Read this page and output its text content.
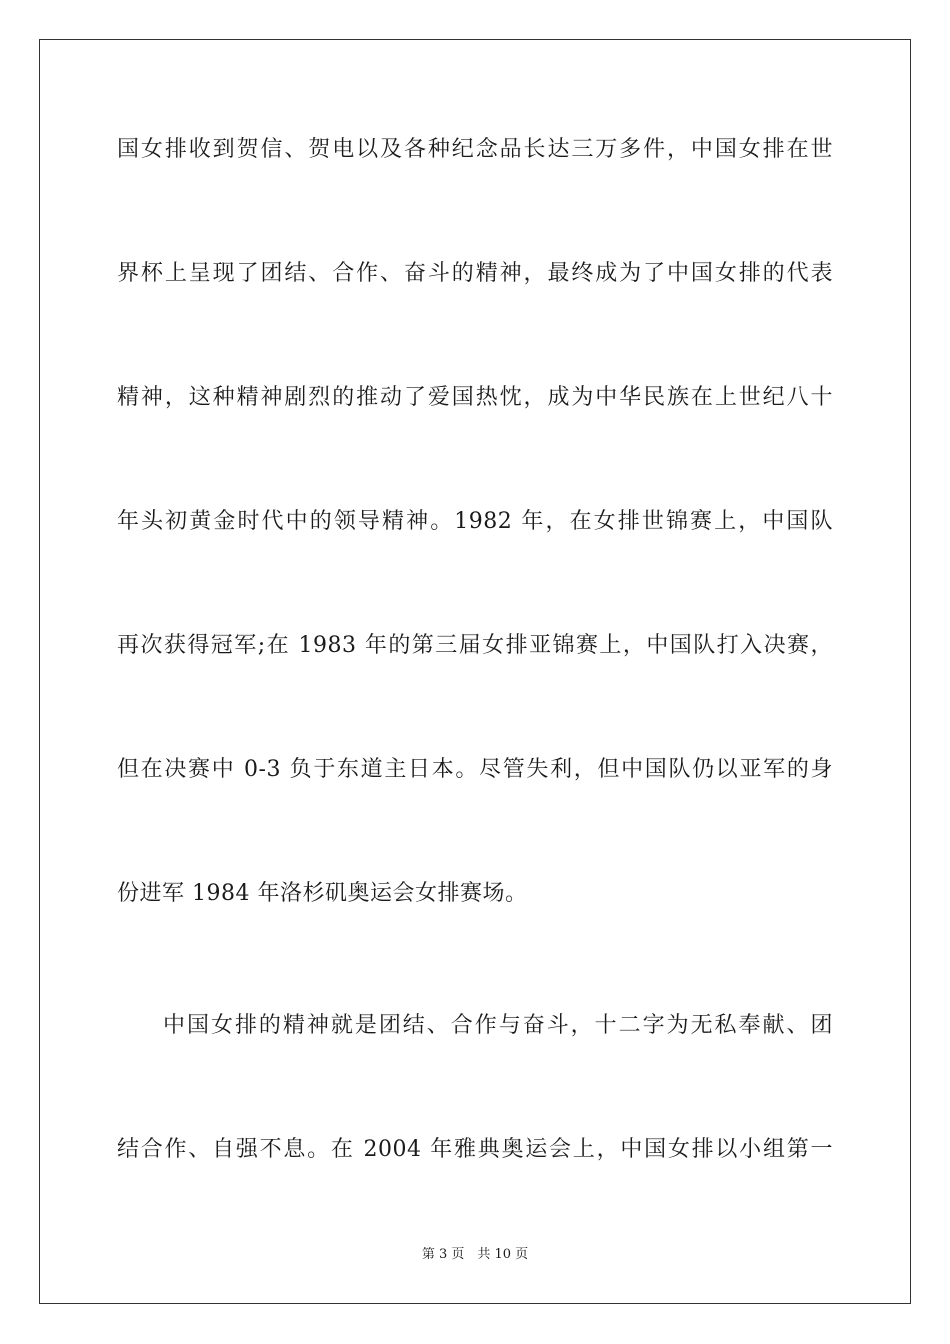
国女排收到贺信、贺电以及各种纪念品长达三万多件，中国女排在世
界杯上呈现了团结、合作、奋斗的精神，最终成为了中国女排的代表
精神，这种精神剧烈的推动了爱国热忱，成为中华民族在上世纪八十
年头初黄金时代中的领导精神。1982 年，在女排世锦赛上，中国队
再次获得冠军;在 1983 年的第三届女排亚锦赛上，中国队打入决赛，
但在决赛中 0-3 负于东道主日本。尽管失利，但中国队仍以亚军的身
份进军 1984 年洛杉矶奥运会女排赛场。
中国女排的精神就是团结、合作与奋斗，十二字为无私奉献、团
结合作、自强不息。在 2004 年雅典奥运会上，中国女排以小组第一
第 3 页　共 10 页
